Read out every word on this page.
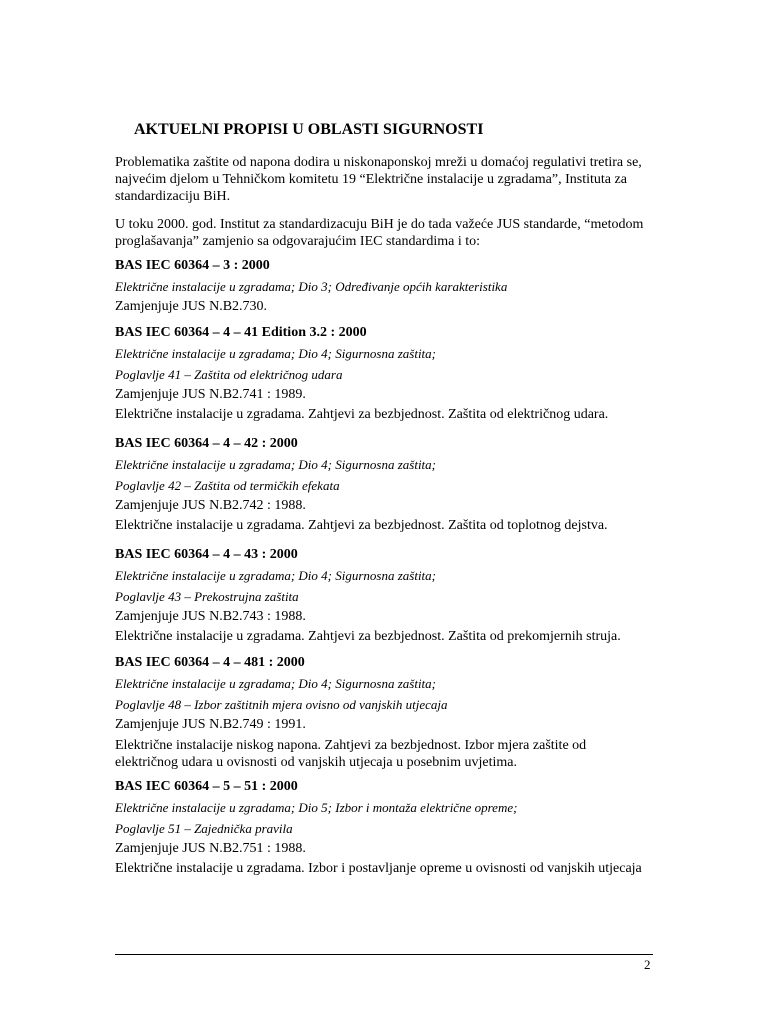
AKTUELNI PROPISI U OBLASTI SIGURNOSTI

Problematika zaštite od napona dodira u niskonaponskoj mreži u domaćoj regulativi tretira se, najvećim djelom u Tehničkom komitetu 19 “Električne instalacije u zgradama”, Instituta za standardizaciju BiH.

U toku 2000. god. Institut za standardizacuju BiH je do tada važeće JUS standarde, “metodom proglašavanja” zamjenio sa odgovarajućim IEC standardima i to:

BAS IEC 60364 – 3 : 2000
Električne instalacije u zgradama; Dio 3; Određivanje općih karakteristika
Zamjenjuje JUS N.B2.730.
BAS IEC 60364 – 4 – 41 Edition 3.2 : 2000
Električne instalacije u zgradama; Dio 4; Sigurnosna zaštita;
Poglavlje 41 – Zaštita od električnog udara
Zamjenjuje JUS N.B2.741 : 1989.
Električne instalacije u zgradama. Zahtjevi za bezbjednost. Zaštita od električnog udara.
BAS IEC 60364 – 4 – 42 : 2000
Električne instalacije u zgradama; Dio 4; Sigurnosna zaštita;
Poglavlje 42 – Zaštita od termičkih efekata
Zamjenjuje JUS N.B2.742 : 1988.
Električne instalacije u zgradama. Zahtjevi za bezbjednost. Zaštita od toplotnog dejstva.
BAS IEC 60364 – 4 – 43 : 2000
Električne instalacije u zgradama; Dio 4; Sigurnosna zaštita;
Poglavlje 43 – Prekostrujna zaštita
Zamjenjuje JUS N.B2.743 : 1988.
Električne instalacije u zgradama. Zahtjevi za bezbjednost. Zaštita od prekomjernih struja.
BAS IEC 60364 – 4 – 481 : 2000
Električne instalacije u zgradama; Dio 4; Sigurnosna zaštita;
Poglavlje 48 – Izbor zaštitnih mjera ovisno od vanjskih utjecaja
Zamjenjuje JUS N.B2.749 : 1991.
Električne instalacije niskog napona. Zahtjevi za bezbjednost. Izbor mjera zaštite od električnog udara u ovisnosti od vanjskih utjecaja u posebnim uvjetima.
BAS IEC 60364 – 5 – 51 : 2000
Električne instalacije u zgradama; Dio 5; Izbor i montaža električne opreme;
Poglavlje 51 – Zajednička pravila
Zamjenjuje JUS N.B2.751 : 1988.
Električne instalacije u zgradama. Izbor i postavljanje opreme u ovisnosti od vanjskih utjecaja
2
